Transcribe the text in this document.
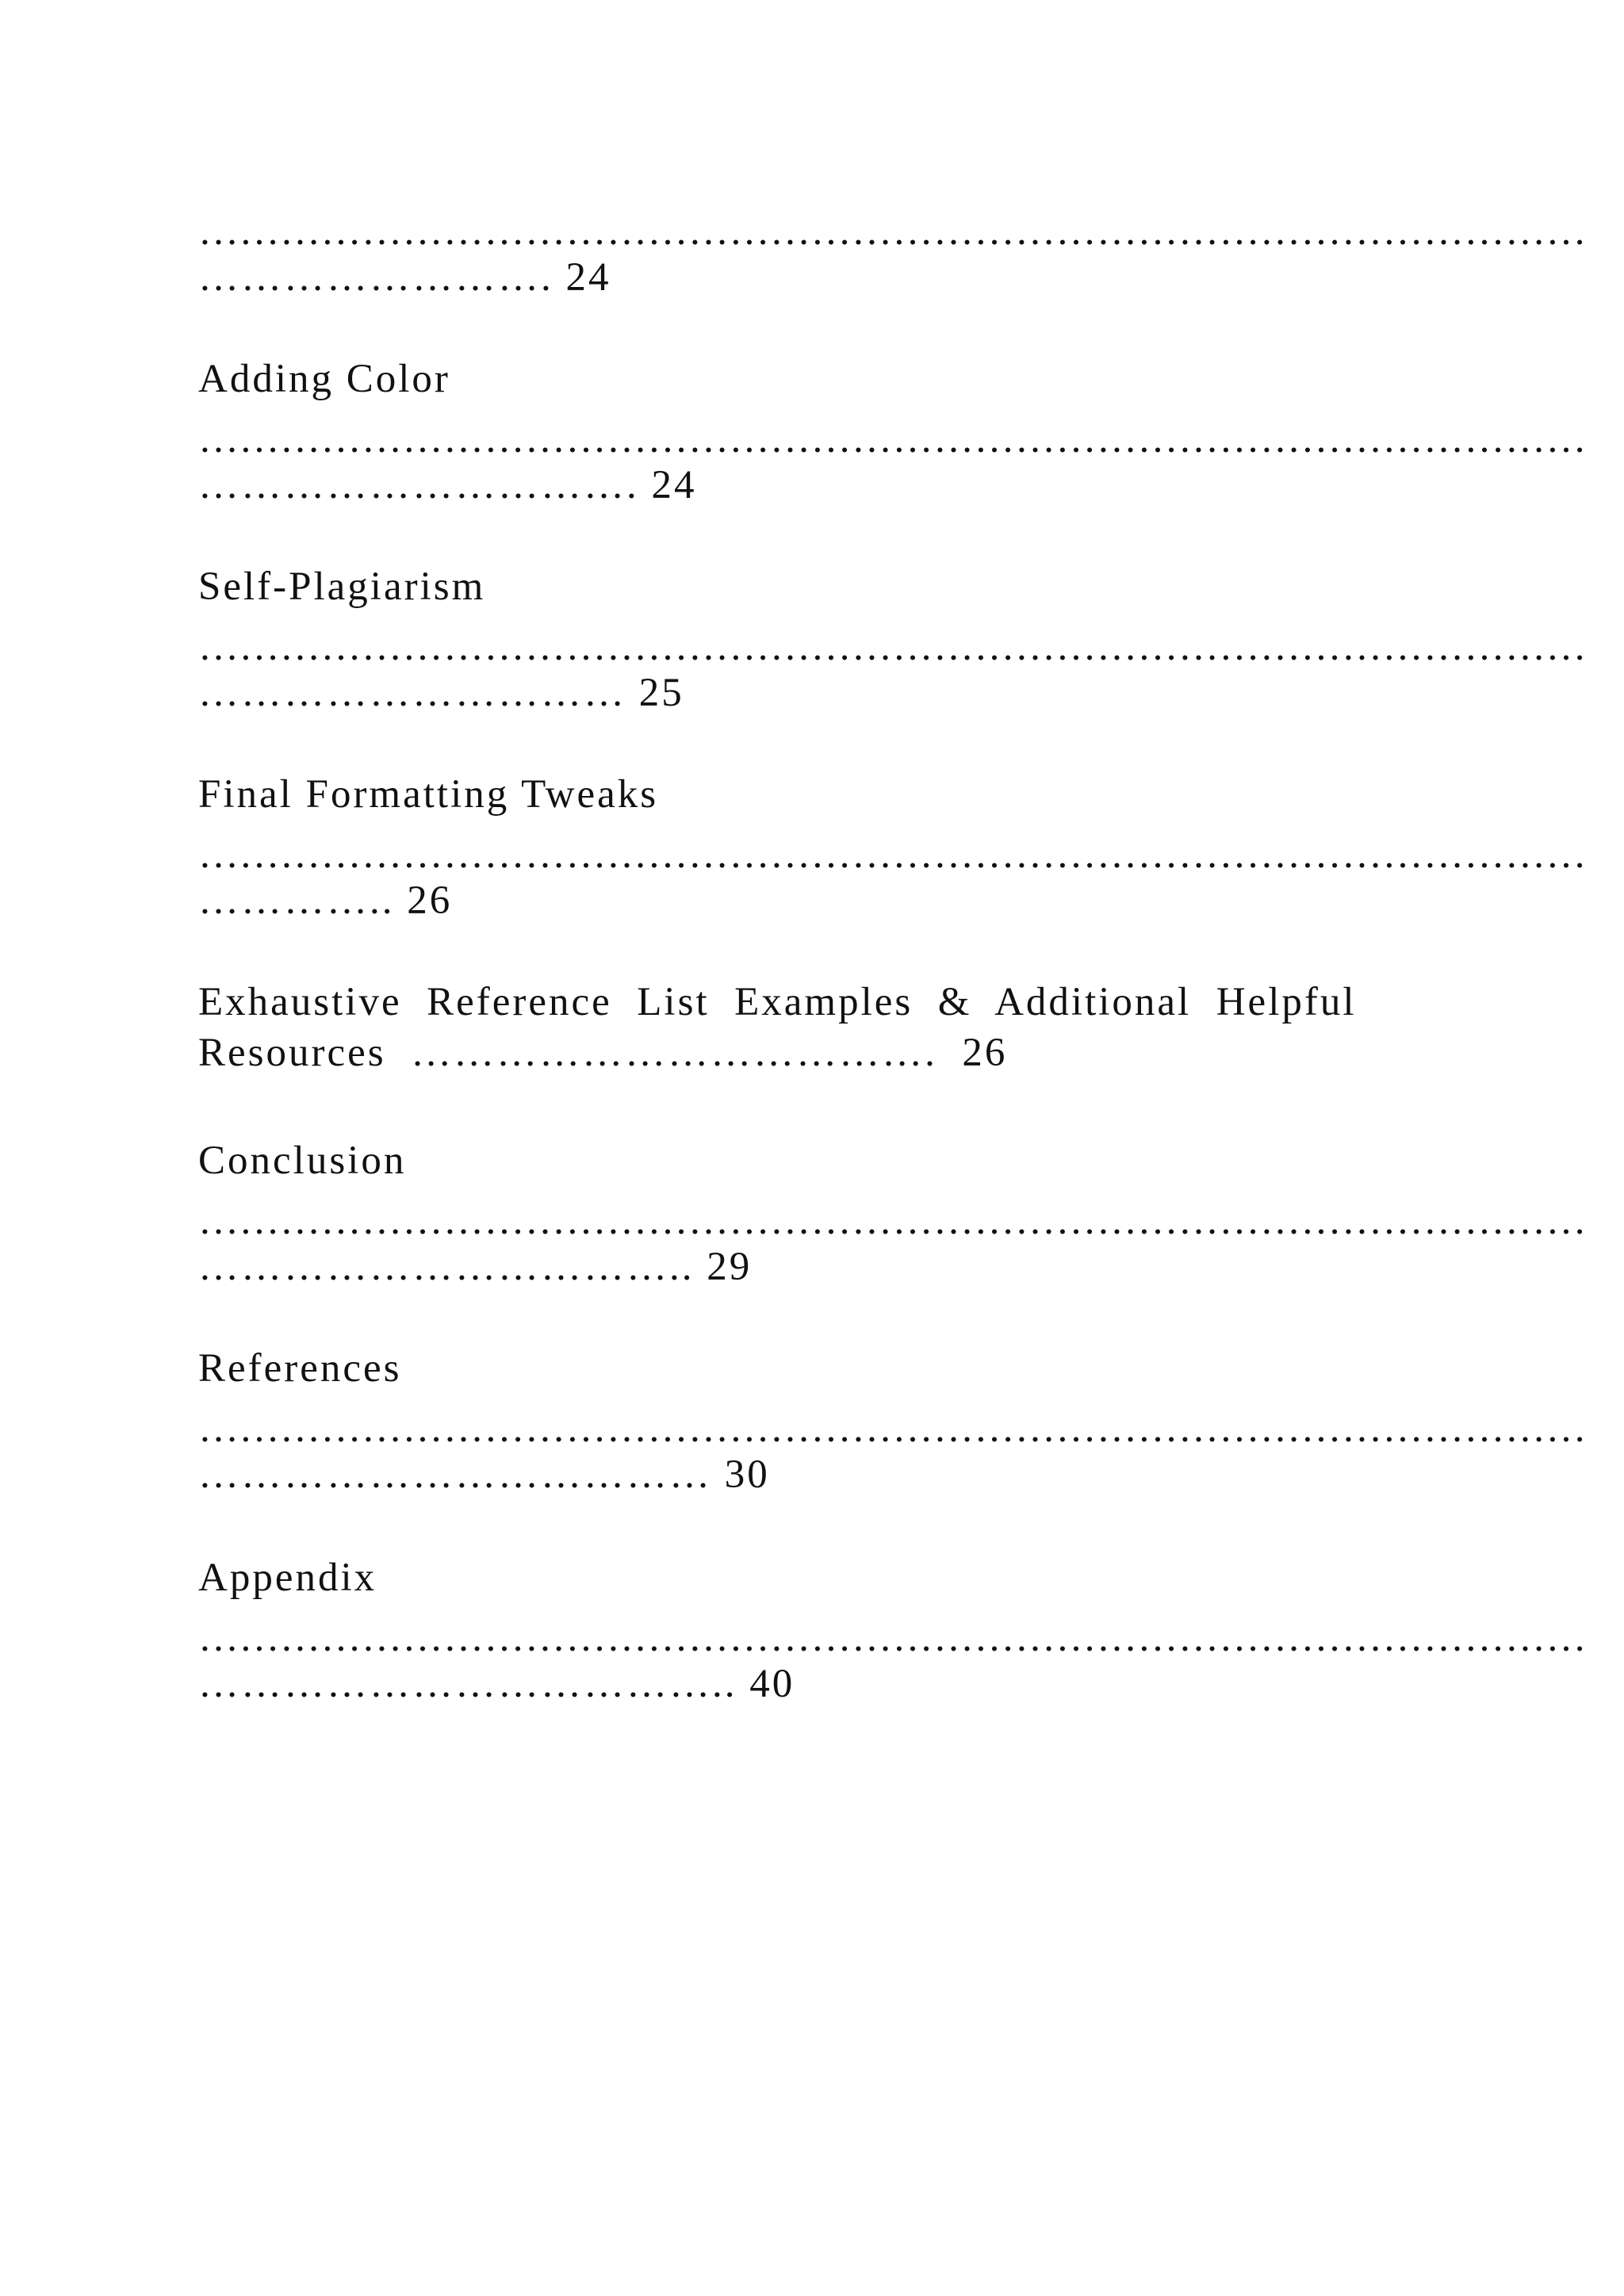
…………………………………………………………………………………………
……………………. 24
Adding Color
…………………………………………………………………………………………
…………………………. 24
Self-Plagiarism
…………………………………………………………………………………………
………………………… 25
Final Formatting Tweaks
…………………………………………………………………………………………
………….. 26
Exhaustive  Reference  List  Examples  &  Additional  Helpful
Resources  ……………………………….  26
Conclusion
…………………………………………………………………………………………
…………………………….. 29
References
…………………………………………………………………………………………
……………………………… 30
Appendix
…………………………………………………………………………………………
……………………………….. 40
